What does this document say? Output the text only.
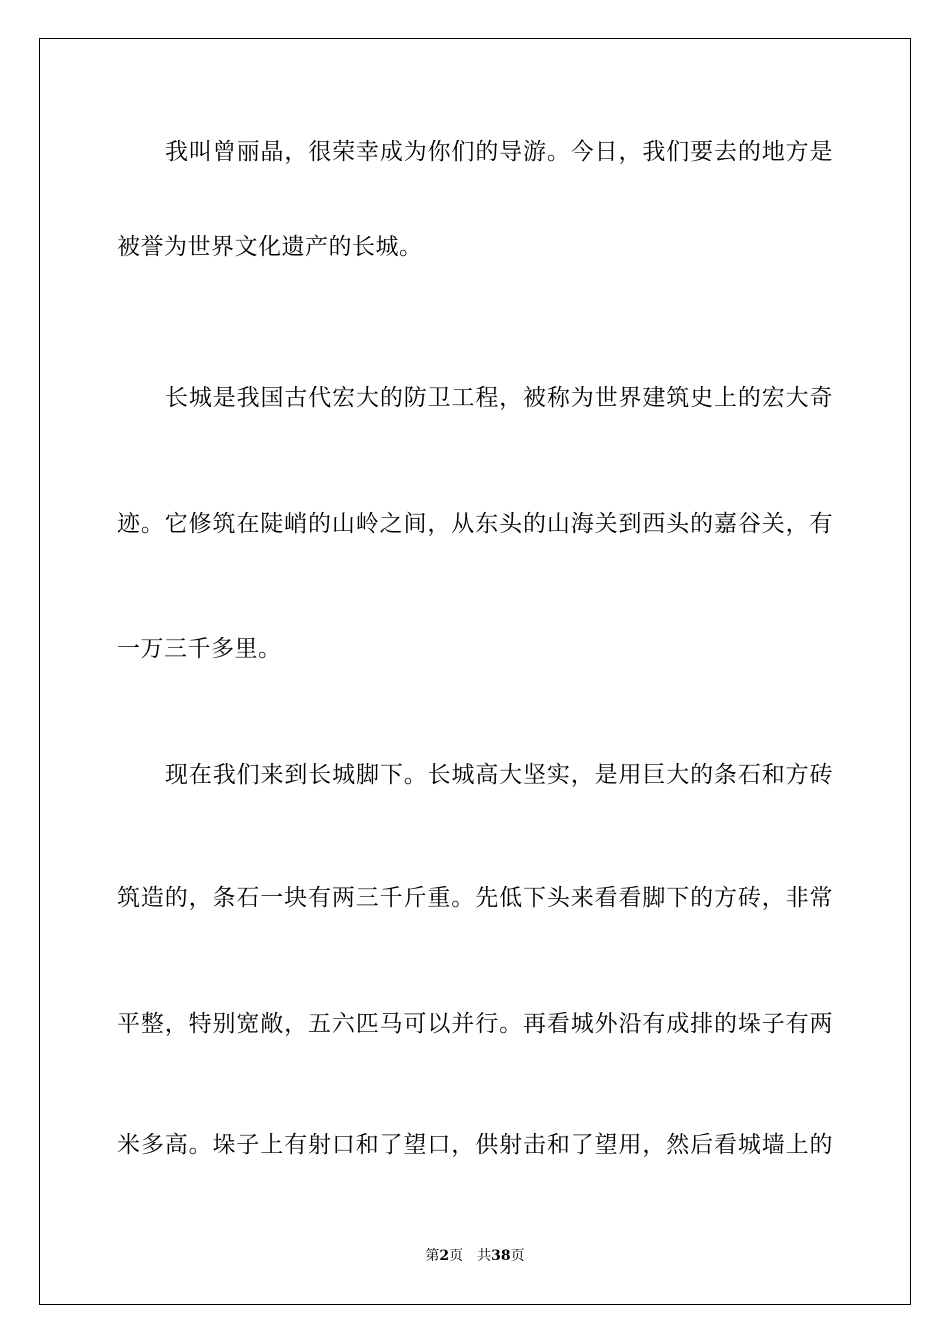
我叫曾丽晶，很荣幸成为你们的导游。今日，我们要去的地方是
被誉为世界文化遗产的长城。
长城是我国古代宏大的防卫工程，被称为世界建筑史上的宏大奇
迹。它修筑在陡峭的山岭之间，从东头的山海关到西头的嘉谷关，有
一万三千多里。
现在我们来到长城脚下。长城高大坚实，是用巨大的条石和方砖
筑造的，条石一块有两三千斤重。先低下头来看看脚下的方砖，非常
平整，特别宽敞，五六匹马可以并行。再看城外沿有成排的垛子有两
米多高。垛子上有射口和了望口，供射击和了望用，然后看城墙上的
第2页 共38页
